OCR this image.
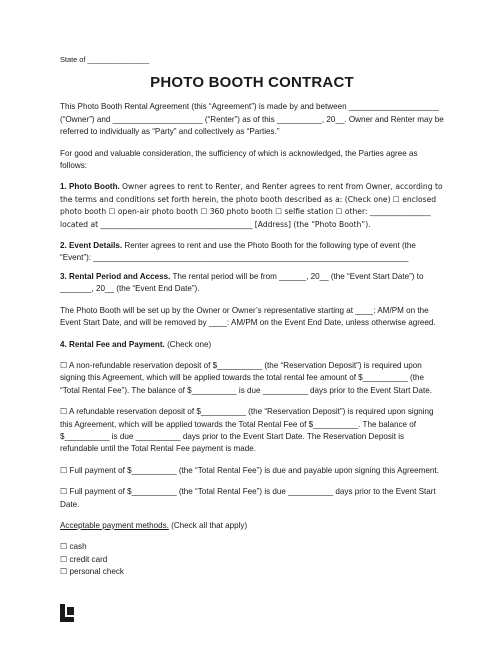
State of _______________
PHOTO BOOTH CONTRACT

This Photo Booth Rental Agreement (this “Agreement”) is made by and between ____________________ (“Owner”) and ____________________ (“Renter”) as of this __________, 20__. Owner and Renter may be referred to individually as “Party” and collectively as “Parties.”

For good and valuable consideration, the sufficiency of which is acknowledged, the Parties agree as follows:

1. Photo Booth. Owner agrees to rent to Renter, and Renter agrees to rent from Owner, according to the terms and conditions set forth herein, the photo booth described as a: (Check one) ☐ enclosed photo booth ☐ open-air photo booth ☐ 360 photo booth ☐ selfie station ☐ other: ________________ located at ________________________________________ [Address] (the “Photo Booth”).

2. Event Details. Renter agrees to rent and use the Photo Booth for the following type of event (the “Event”): ______________________________________________________________________

3. Rental Period and Access. The rental period will be from ______, 20__ (the “Event Start Date”) to _______, 20__ (the “Event End Date”).

The Photo Booth will be set up by the Owner or Owner’s representative starting at ____: AM/PM on the Event Start Date, and will be removed by ____: AM/PM on the Event End Date, unless otherwise agreed.

4. Rental Fee and Payment. (Check one)

☐ A non-refundable reservation deposit of $__________ (the “Reservation Deposit”) is required upon signing this Agreement, which will be applied towards the total rental fee amount of $__________ (the “Total Rental Fee”). The balance of $__________ is due __________ days prior to the Event Start Date.

☐ A refundable reservation deposit of $__________ (the “Reservation Deposit”) is required upon signing this Agreement, which will be applied towards the Total Rental Fee of $__________. The balance of $__________ is due __________ days prior to the Event Start Date. The Reservation Deposit is refundable until the Total Rental Fee payment is made.

☐ Full payment of $__________ (the “Total Rental Fee”) is due and payable upon signing this Agreement.

☐ Full payment of $__________ (the “Total Rental Fee”) is due __________ days prior to the Event Start Date.

Acceptable payment methods. (Check all that apply)

☐ cash
☐ credit card
☐ personal check
